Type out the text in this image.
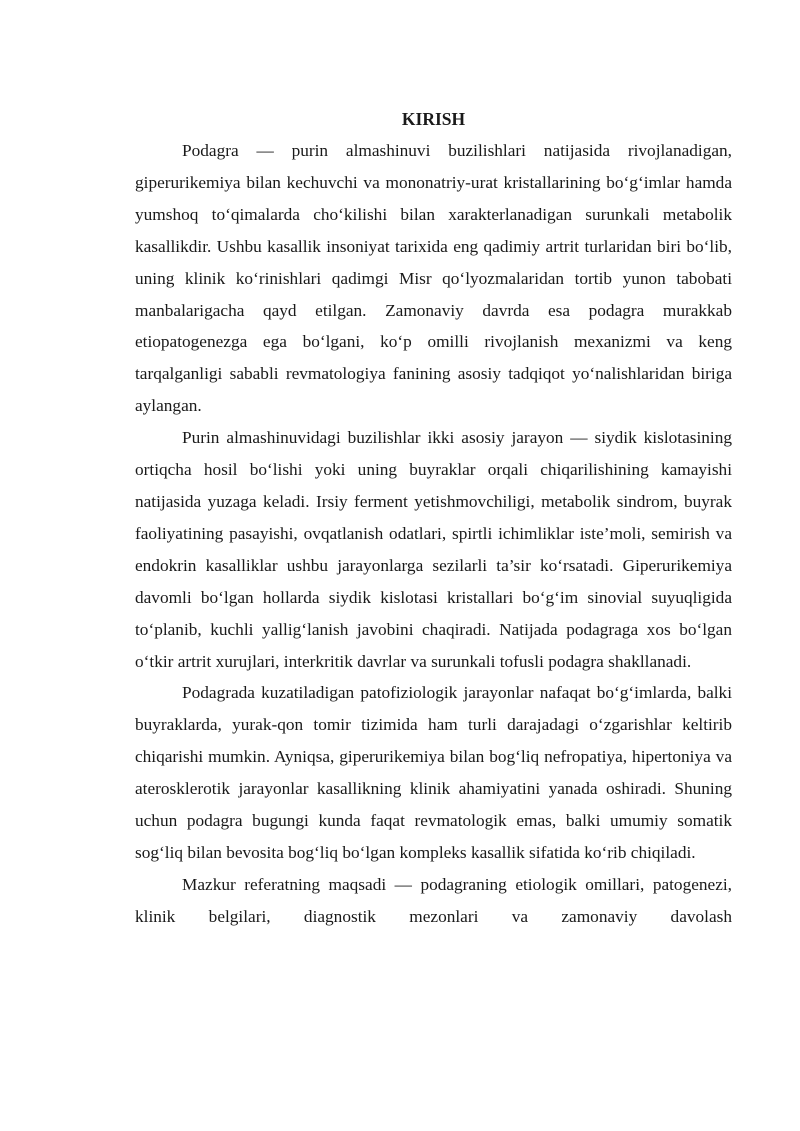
KIRISH

Podagra — purin almashinuvi buzilishlari natijasida rivojlanadigan, giperurikemiya bilan kechuvchi va mononatriy-urat kristallarining bo‘g‘imlar hamda yumshoq to‘qimalarda cho‘kilishi bilan xarakterlanadigan surunkali metabolik kasallikdir. Ushbu kasallik insoniyat tarixida eng qadimiy artrit turlaridan biri bo‘lib, uning klinik ko‘rinishlari qadimgi Misr qo‘lyozmalaridan tortib yunon tabobati manbalarigacha qayd etilgan. Zamonaviy davrda esa podagra murakkab etiopatogenezga ega bo‘lgani, ko‘p omilli rivojlanish mexanizmi va keng tarqalganligi sababli revmatologiya fanining asosiy tadqiqot yo‘nalishlaridan biriga aylangan.

Purin almashinuvidagi buzilishlar ikki asosiy jarayon — siydik kislotasining ortiqcha hosil bo‘lishi yoki uning buyraklar orqali chiqarilishining kamayishi natijasida yuzaga keladi. Irsiy ferment yetishmovchiligi, metabolik sindrom, buyrak faoliyatining pasayishi, ovqatlanish odatlari, spirtli ichimliklar iste’moli, semirish va endokrin kasalliklar ushbu jarayonlarga sezilarli ta’sir ko‘rsatadi. Giperurikemiya davomli bo‘lgan hollarda siydik kislotasi kristallari bo‘g‘im sinovial suyuqligida to‘planib, kuchli yallig‘lanish javobini chaqiradi. Natijada podagraga xos bo‘lgan o‘tkir artrit xurujlari, interkritik davrlar va surunkali tofusli podagra shakllanadi.

Podagrada kuzatiladigan patofiziologik jarayonlar nafaqat bo‘g‘imlarda, balki buyraklarda, yurak-qon tomir tizimida ham turli darajadagi o‘zgarishlar keltirib chiqarishi mumkin. Ayniqsa, giperurikemiya bilan bog‘liq nefropatiya, hipertoniya va aterosklerotik jarayonlar kasallikning klinik ahamiyatini yanada oshiradi. Shuning uchun podagra bugungi kunda faqat revmatologik emas, balki umumiy somatik sog‘liq bilan bevosita bog‘liq bo‘lgan kompleks kasallik sifatida ko‘rib chiqiladi.

Mazkur referatning maqsadi — podagraning etiologik omillari, patogenezi, klinik belgilari, diagnostik mezonlari va zamonaviy davolash
